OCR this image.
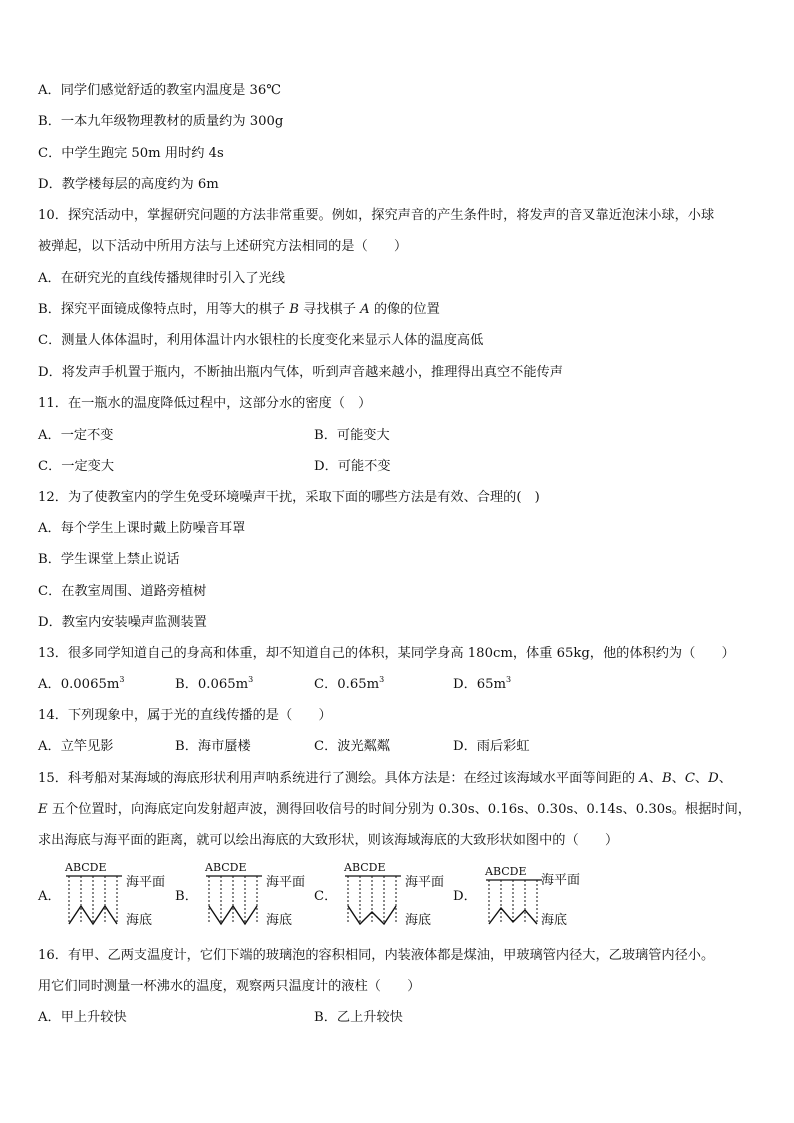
A．同学们感觉舒适的教室内温度是 36℃
B．一本九年级物理教材的质量约为 300g
C．中学生跑完 50m 用时约 4s
D．教学楼每层的高度约为 6m
10．探究活动中，掌握研究问题的方法非常重要。例如，探究声音的产生条件时，将发声的音叉靠近泡沫小球，小球
被弹起，以下活动中所用方法与上述研究方法相同的是（　　）
A．在研究光的直线传播规律时引入了光线
B．探究平面镜成像特点时，用等大的棋子 B 寻找棋子 A 的像的位置
C．测量人体体温时，利用体温计内水银柱的长度变化来显示人体的温度高低
D．将发声手机置于瓶内，不断抽出瓶内气体，听到声音越来越小，推理得出真空不能传声
11．在一瓶水的温度降低过程中，这部分水的密度（　）
A．一定不变	B．可能变大
C．一定变大	D．可能不变
12．为了使教室内的学生免受环境噪声干扰，采取下面的哪些方法是有效、合理的(　)
A．每个学生上课时戴上防噪音耳罩
B．学生课堂上禁止说话
C．在教室周围、道路旁植树
D．教室内安装噪声监测装置
13．很多同学知道自己的身高和体重，却不知道自己的体积，某同学身高 180cm，体重 65kg，他的体积约为（　　）
A．$0.0065m^3$	B．$0.065m^3$	C．$0.65m^3$	D．$65m^3$
14．下列现象中，属于光的直线传播的是（　　）
A．立竿见影	B．海市蜃楼	C．波光粼粼	D．雨后彩虹
15．科考船对某海域的海底形状利用声呐系统进行了测绘。具体方法是：在经过该海域水平面等间距的 A、B、C、D、
E 五个位置时，向海底定向发射超声波，测得回收信号的时间分别为 0.30s、0.16s、0.30s、0.14s、0.30s。根据时间，
求出海底与海平面的距离，就可以绘出海底的大致形状，则该海域海底的大致形状如图中的（　　）
A．	B．	C．	D．
ABCDE
海平面
海底
ABCDE
海平面
海底
ABCDE
海平面
海底
ABCDE
海平面
海底
16．有甲、乙两支温度计，它们下端的玻璃泡的容积相同，内装液体都是煤油，甲玻璃管内径大，乙玻璃管内径小。
用它们同时测量一杯沸水的温度，观察两只温度计的液柱（　　）
A．甲上升较快	B．乙上升较快
